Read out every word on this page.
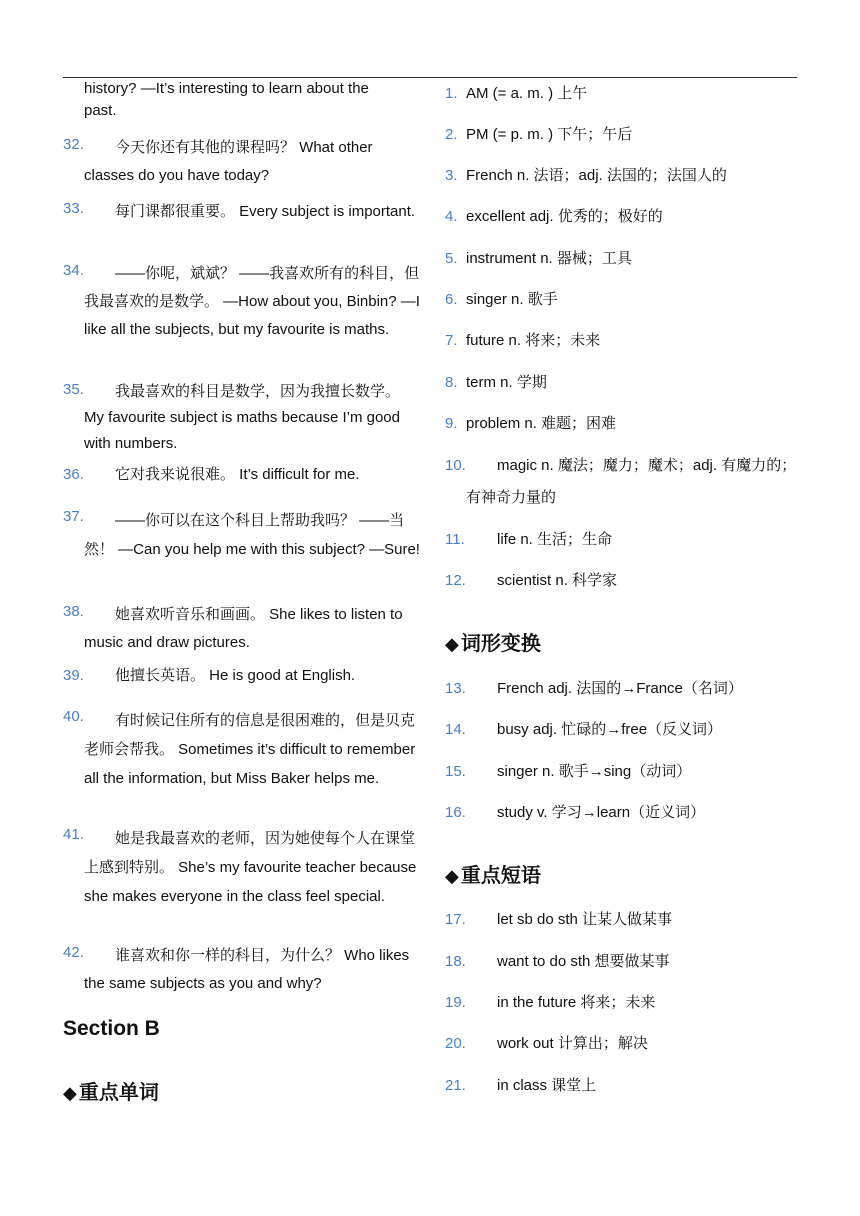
history? —It’s interesting to learn about the past.
32.	今天你还有其他的课程吗？ What other classes do you have today?
33.	每门课都很重要。 Every subject is important.
34.	——你呢，斌斌？ ——我喜欢所有的科目，但我最喜欢的是数学。 —How about you, Binbin? —I like all the subjects, but my favourite is maths.
35.	我最喜欢的科目是数学，因为我擅长数学。 My favourite subject is maths because I’m good with numbers.
36.	它对我来说很难。 It’s difficult for me.
37.	——你可以在这个科目上帮助我吗？ ——当然！ —Can you help me with this subject? —Sure!
38.	她喜欢听音乐和画画。 She likes to listen to music and draw pictures.
39.	他擅长英语。 He is good at English.
40.	有时候记住所有的信息是很困难的，但是贝克老师会帮我。 Sometimes it’s difficult to remember all the information, but Miss Baker helps me.
41.	她是我最喜欢的老师，因为她使每个人在课堂上感到特别。 She’s my favourite teacher because she makes everyone in the class feel special.
42.	谁喜欢和你一样的科目，为什么？ Who likes the same subjects as you and why?
Section B
◆ 重点单词
1. AM (= a. m. ) 上午
2. PM (= p. m. ) 下午；午后
3. French n. 法语；adj. 法国的；法国人的
4. excellent adj. 优秀的；极好的
5. instrument n. 器械；工具
6. singer n. 歌手
7. future n. 将来；未来
8. term n. 学期
9. problem n. 难题；困难
10.	magic n. 魔法；魔力；魔术；adj. 有魔力的；有神奇力量的
11. life n. 生活；生命
12. scientist n. 科学家
◆ 词形变换
13. French adj. 法国的→France（名词）
14. busy adj. 忙碌的→free（反义词）
15. singer n. 歌手→sing（动词）
16. study v. 学习→learn（近义词）
◆ 重点短语
17. let sb do sth 让某人做某事
18. want to do sth 想要做某事
19. in the future 将来；未来
20. work out 计算出；解决
21. in class 课堂上
